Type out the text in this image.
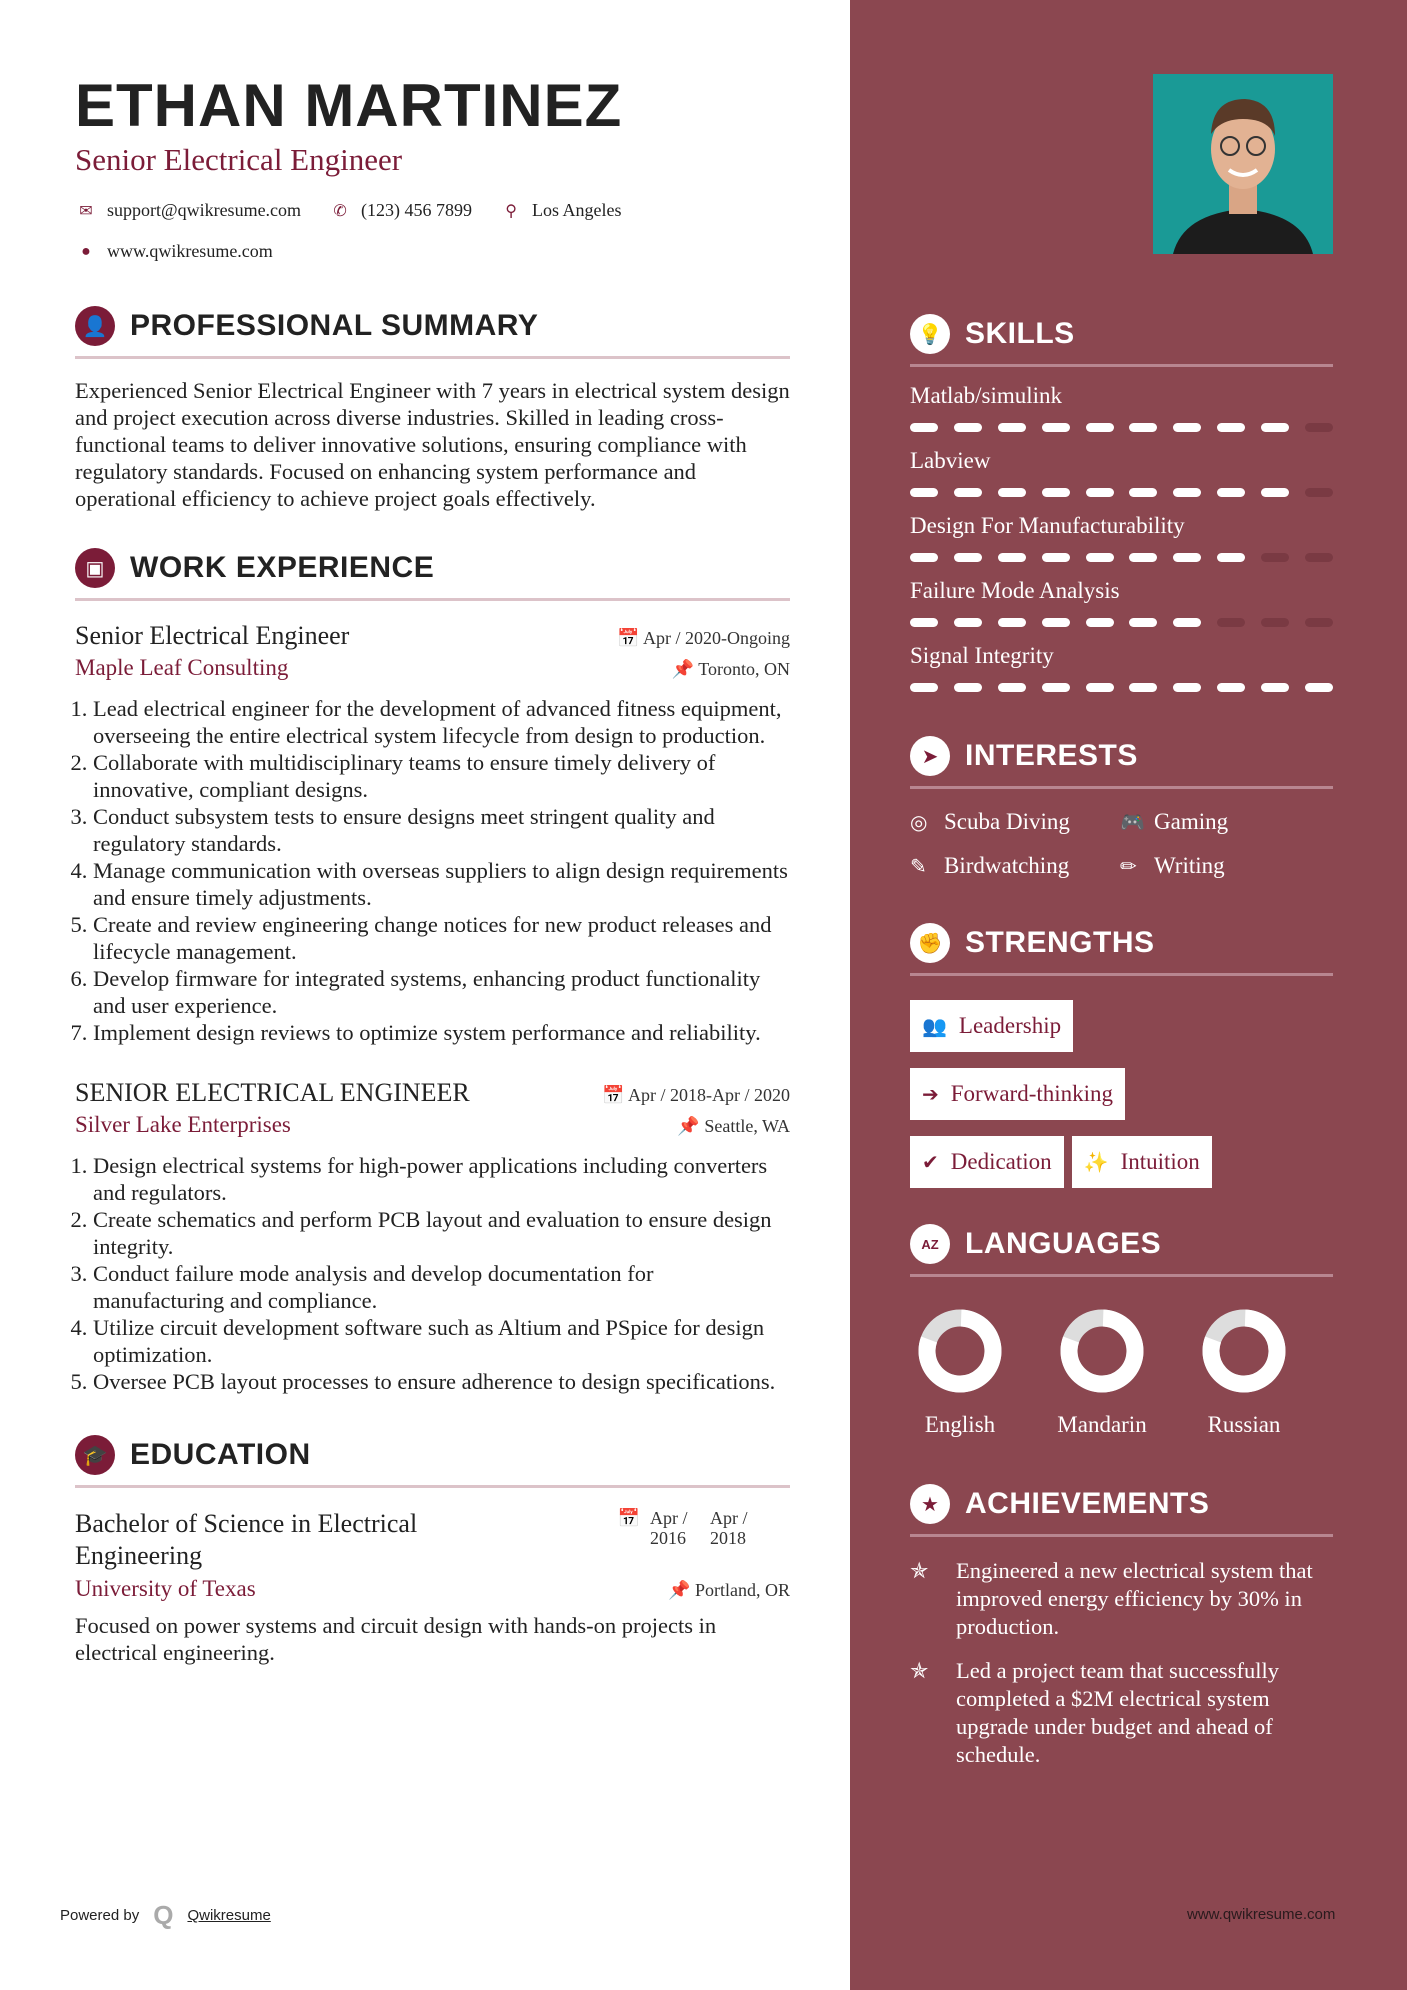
ETHAN MARTINEZ
Senior Electrical Engineer
✉ support@qwikresume.com ✆ (123) 456 7899	⚲ Los Angeles
● www.qwikresume.com
👤 PROFESSIONAL SUMMARY

Experienced Senior Electrical Engineer with 7 years in electrical system design and project execution across diverse industries. Skilled in leading cross-functional teams to deliver innovative solutions, ensuring compliance with regulatory standards. Focused on enhancing system performance and operational efficiency to achieve project goals effectively.

▣ WORK EXPERIENCE
Senior Electrical Engineer	📅 Apr / 2020-Ongoing
Maple Leaf Consulting	📌 Toronto, ON
1. Lead electrical engineer for the development of advanced fitness equipment, overseeing the entire electrical system lifecycle from design to production.
2. Collaborate with multidisciplinary teams to ensure timely delivery of innovative, compliant designs.
3. Conduct subsystem tests to ensure designs meet stringent quality and regulatory standards.
4. Manage communication with overseas suppliers to align design requirements and ensure timely adjustments.
5. Create and review engineering change notices for new product releases and lifecycle management.
6. Develop firmware for integrated systems, enhancing product functionality and user experience.
7. Implement design reviews to optimize system performance and reliability.
SENIOR ELECTRICAL ENGINEER	📅 Apr / 2018-Apr / 2020
Silver Lake Enterprises	📌 Seattle, WA
1. Design electrical systems for high-power applications including converters and regulators.
2. Create schematics and perform PCB layout and evaluation to ensure design integrity.
3. Conduct failure mode analysis and develop documentation for manufacturing and compliance.
4. Utilize circuit development software such as Altium and PSpice for design optimization.
5. Oversee PCB layout processes to ensure adherence to design specifications.
🎓 EDUCATION
Bachelor of Science in Electrical Engineering
📅 Apr / 2016
Apr / 2018
University of Texas	📌 Portland, OR

Focused on power systems and circuit design with hands-on projects in electrical engineering.

Powered by Q Qwikresume
💡 SKILLS
Matlab/simulink
Labview
Design For Manufacturability
Failure Mode Analysis
Signal Integrity
➤ INTERESTS
◎ Scuba Diving	🎮 Gaming
✎ Birdwatching	✏ Writing
✊ STRENGTHS
👥 Leadership

➔ Forward-thinking

✔ Dedication ✨ Intuition
AZ LANGUAGES
English	Mandarin	Russian
★ ACHIEVEMENTS
✯	Engineered a new electrical system that improved energy efficiency by 30% in production.
✯	Led a project team that successfully completed a $2M electrical system upgrade under budget and ahead of schedule.
www.qwikresume.com
